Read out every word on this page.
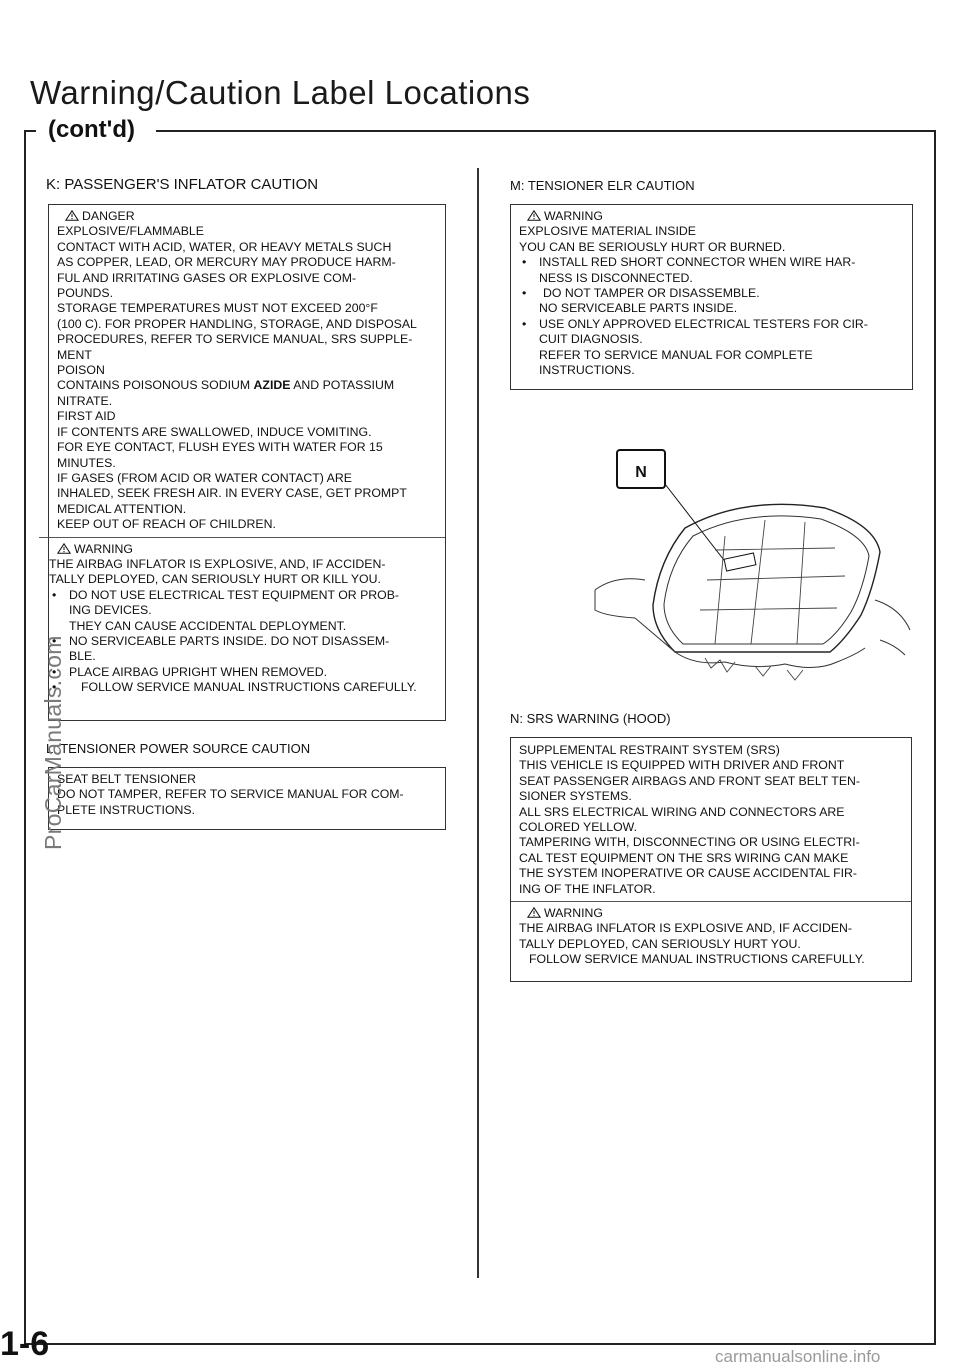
Warning/Caution Label Locations
(cont'd)
K: PASSENGER'S INFLATOR CAUTION
DANGER
EXPLOSIVE/FLAMMABLE
CONTACT WITH ACID, WATER, OR HEAVY METALS SUCH
AS COPPER, LEAD, OR MERCURY MAY PRODUCE HARM-
FUL AND IRRITATING GASES OR EXPLOSIVE COM-
POUNDS.
STORAGE TEMPERATURES MUST NOT EXCEED 200°F
(100 C). FOR PROPER HANDLING, STORAGE, AND DISPOSAL
PROCEDURES, REFER TO SERVICE MANUAL, SRS SUPPLE-
MENT
POISON
CONTAINS POISONOUS SODIUM AZIDE AND POTASSIUM
NITRATE.
FIRST AID
IF CONTENTS ARE SWALLOWED, INDUCE VOMITING.
FOR EYE CONTACT, FLUSH EYES WITH WATER FOR 15
MINUTES.
IF GASES (FROM ACID OR WATER CONTACT) ARE
INHALED, SEEK FRESH AIR. IN EVERY CASE, GET PROMPT
MEDICAL ATTENTION.
KEEP OUT OF REACH OF CHILDREN.
WARNING
THE AIRBAG INFLATOR IS EXPLOSIVE, AND, IF ACCIDEN-
TALLY DEPLOYED, CAN SERIOUSLY HURT OR KILL YOU.
• DO NOT USE ELECTRICAL TEST EQUIPMENT OR PROB-
ING DEVICES.
THEY CAN CAUSE ACCIDENTAL DEPLOYMENT.
• NO SERVICEABLE PARTS INSIDE. DO NOT DISASSEM-
BLE.
• PLACE AIRBAG UPRIGHT WHEN REMOVED.
• FOLLOW SERVICE MANUAL INSTRUCTIONS CAREFULLY.
L: TENSIONER POWER SOURCE CAUTION
SEAT BELT TENSIONER
DO NOT TAMPER, REFER TO SERVICE MANUAL FOR COM-
PLETE INSTRUCTIONS.
M: TENSIONER ELR CAUTION
WARNING
EXPLOSIVE MATERIAL INSIDE
YOU CAN BE SERIOUSLY HURT OR BURNED.
• INSTALL RED SHORT CONNECTOR WHEN WIRE HAR-
NESS IS DISCONNECTED.
• DO NOT TAMPER OR DISASSEMBLE.
NO SERVICEABLE PARTS INSIDE.
• USE ONLY APPROVED ELECTRICAL TESTERS FOR CIR-
CUIT DIAGNOSIS.
REFER TO SERVICE MANUAL FOR COMPLETE
INSTRUCTIONS.
N
N: SRS WARNING (HOOD)
SUPPLEMENTAL RESTRAINT SYSTEM (SRS)
THIS VEHICLE IS EQUIPPED WITH DRIVER AND FRONT
SEAT PASSENGER AIRBAGS AND FRONT SEAT BELT TEN-
SIONER SYSTEMS.
ALL SRS ELECTRICAL WIRING AND CONNECTORS ARE
COLORED YELLOW.
TAMPERING WITH, DISCONNECTING OR USING ELECTRI-
CAL TEST EQUIPMENT ON THE SRS WIRING CAN MAKE
THE SYSTEM INOPERATIVE OR CAUSE ACCIDENTAL FIR-
ING OF THE INFLATOR.
WARNING
THE AIRBAG INFLATOR IS EXPLOSIVE AND, IF ACCIDEN-
TALLY DEPLOYED, CAN SERIOUSLY HURT YOU.
FOLLOW SERVICE MANUAL INSTRUCTIONS CAREFULLY.
ProCarManuals.com
1-6	carmanualsonline.info
